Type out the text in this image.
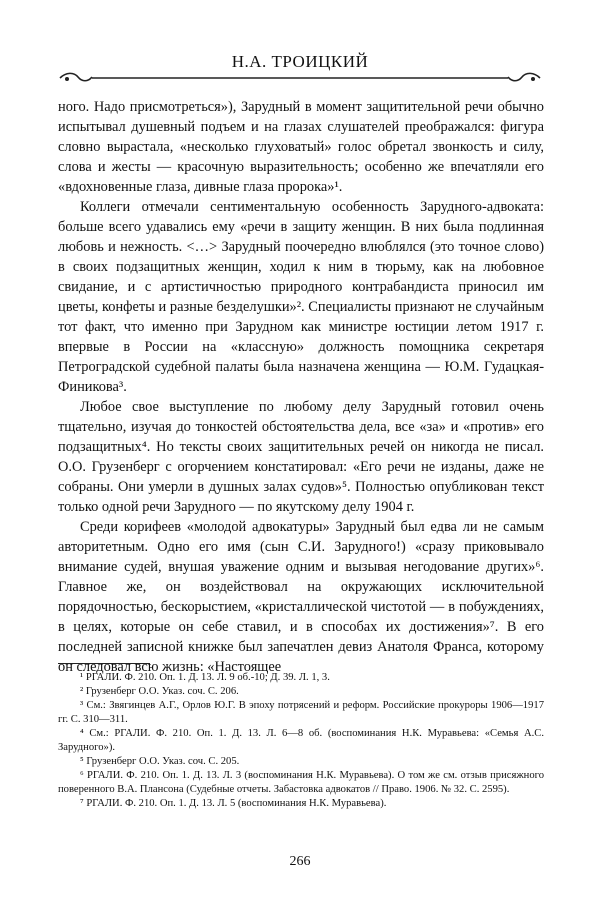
Н.А. ТРОИЦКИЙ

ного. Надо присмотреться»), Зарудный в момент защитительной речи обычно испытывал душевный подъем и на глазах слушателей преображался: фигура словно вырастала, «несколько глуховатый» голос обретал звонкость и силу, слова и жесты — красочную выразительность; особенно же впечатляли его «вдохновенные глаза, дивные глаза пророка»¹.

Коллеги отмечали сентиментальную особенность Зарудного-адвоката: больше всего удавались ему «речи в защиту женщин. В них была подлинная любовь и нежность. <…> Зарудный поочередно влюблялся (это точное слово) в своих подзащитных женщин, ходил к ним в тюрьму, как на любовное свидание, и с артистичностью природного контрабандиста приносил им цветы, конфеты и разные безделушки»². Специалисты признают не случайным тот факт, что именно при Зарудном как министре юстиции летом 1917 г. впервые в России на «классную» должность помощника секретаря Петроградской судебной палаты была назначена женщина — Ю.М. Гудацкая-Финикова³.

Любое свое выступление по любому делу Зарудный готовил очень тщательно, изучая до тонкостей обстоятельства дела, все «за» и «против» его подзащитных⁴. Но тексты своих защитительных речей он никогда не писал. О.О. Грузенберг с огорчением констатировал: «Его речи не изданы, даже не собраны. Они умерли в душных залах судов»⁵. Полностью опубликован текст только одной речи Зарудного — по якутскому делу 1904 г.

Среди корифеев «молодой адвокатуры» Зарудный был едва ли не самым авторитетным. Одно его имя (сын С.И. Зарудного!) «сразу приковывало внимание судей, внушая уважение одним и вызывая негодование других»⁶. Главное же, он воздействовал на окружающих исключительной порядочностью, бескорыстием, «кристаллической чистотой — в побуждениях, в целях, которые он себе ставил, и в способах их достижения»⁷. В его последней записной книжке был запечатлен девиз Анатоля Франса, которому он следовал всю жизнь: «Настоящее

¹ РГАЛИ. Ф. 210. Оп. 1. Д. 13. Л. 9 об.-10; Д. 39. Л. 1, 3.

² Грузенберг О.О. Указ. соч. С. 206.

³ См.: Звягинцев А.Г., Орлов Ю.Г. В эпоху потрясений и реформ. Российские прокуроры 1906—1917 гг. С. 310—311.

⁴ См.: РГАЛИ. Ф. 210. Оп. 1. Д. 13. Л. 6—8 об. (воспоминания Н.К. Муравьева: «Семья А.С. Зарудного»).

⁵ Грузенберг О.О. Указ. соч. С. 205.

⁶ РГАЛИ. Ф. 210. Оп. 1. Д. 13. Л. 3 (воспоминания Н.К. Муравьева). О том же см. отзыв присяжного поверенного В.А. Плансона (Судебные отчеты. Забастовка адвокатов // Право. 1906. № 32. С. 2595).

⁷ РГАЛИ. Ф. 210. Оп. 1. Д. 13. Л. 5 (воспоминания Н.К. Муравьева).

266
